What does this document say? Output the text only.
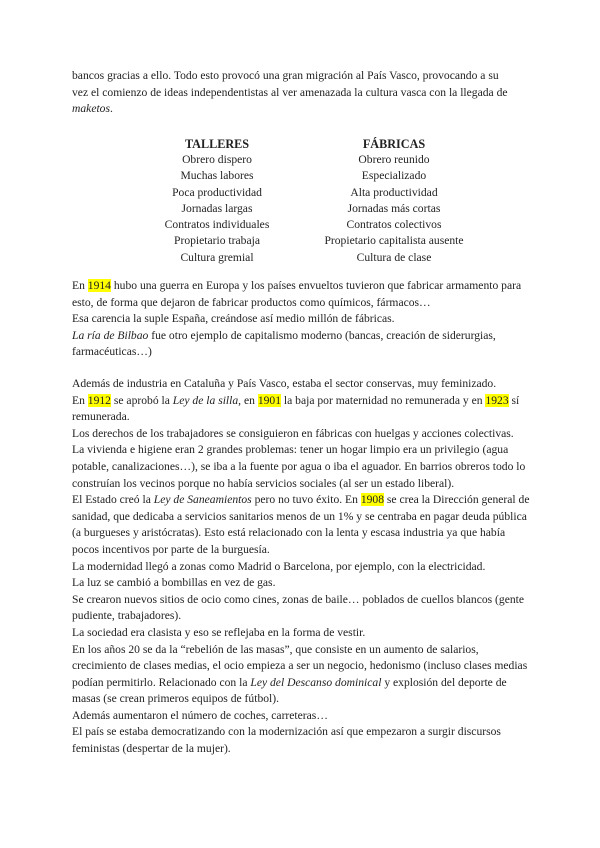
bancos gracias a ello. Todo esto provocó una gran migración al País Vasco, provocando a su
vez el comienzo de ideas independentistas al ver amenazada la cultura vasca con la llegada de
maketos.

TALLERES
Obrero dispero
Muchas labores
Poca productividad
Jornadas largas
Contratos individuales
Propietario trabaja
Cultura gremial
FÁBRICAS
Obrero reunido
Especializado
Alta productividad
Jornadas más cortas
Contratos colectivos
Propietario capitalista ausente
Cultura de clase

En 1914 hubo una guerra en Europa y los países envueltos tuvieron que fabricar armamento para esto, de forma que dejaron de fabricar productos como químicos, fármacos…

Esa carencia la suple España, creándose así medio millón de fábricas.

La ría de Bilbao fue otro ejemplo de capitalismo moderno (bancas, creación de siderurgias, farmacéuticas…)

Además de industria en Cataluña y País Vasco, estaba el sector conservas, muy feminizado.

En 1912 se aprobó la Ley de la silla, en 1901 la baja por maternidad no remunerada y en 1923 sí remunerada.

Los derechos de los trabajadores se consiguieron en fábricas con huelgas y acciones colectivas.

La vivienda e higiene eran 2 grandes problemas: tener un hogar limpio era un privilegio (agua potable, canalizaciones…), se iba a la fuente por agua o iba el aguador. En barrios obreros todo lo construían los vecinos porque no había servicios sociales (al ser un estado liberal).

El Estado creó la Ley de Saneamientos pero no tuvo éxito. En 1908 se crea la Dirección general de sanidad, que dedicaba a servicios sanitarios menos de un 1% y se centraba en pagar deuda pública (a burgueses y aristócratas). Esto está relacionado con la lenta y escasa industria ya que había pocos incentivos por parte de la burguesía.

La modernidad llegó a zonas como Madrid o Barcelona, por ejemplo, con la electricidad.

La luz se cambió a bombillas en vez de gas.

Se crearon nuevos sitios de ocio como cines, zonas de baile… poblados de cuellos blancos (gente pudiente, trabajadores).

La sociedad era clasista y eso se reflejaba en la forma de vestir.

En los años 20 se da la “rebelión de las masas”, que consiste en un aumento de salarios, crecimiento de clases medias, el ocio empieza a ser un negocio, hedonismo (incluso clases medias podían permitirlo. Relacionado con la Ley del Descanso dominical y explosión del deporte de masas (se crean primeros equipos de fútbol).

Además aumentaron el número de coches, carreteras…

El país se estaba democratizando con la modernización así que empezaron a surgir discursos feministas (despertar de la mujer).
